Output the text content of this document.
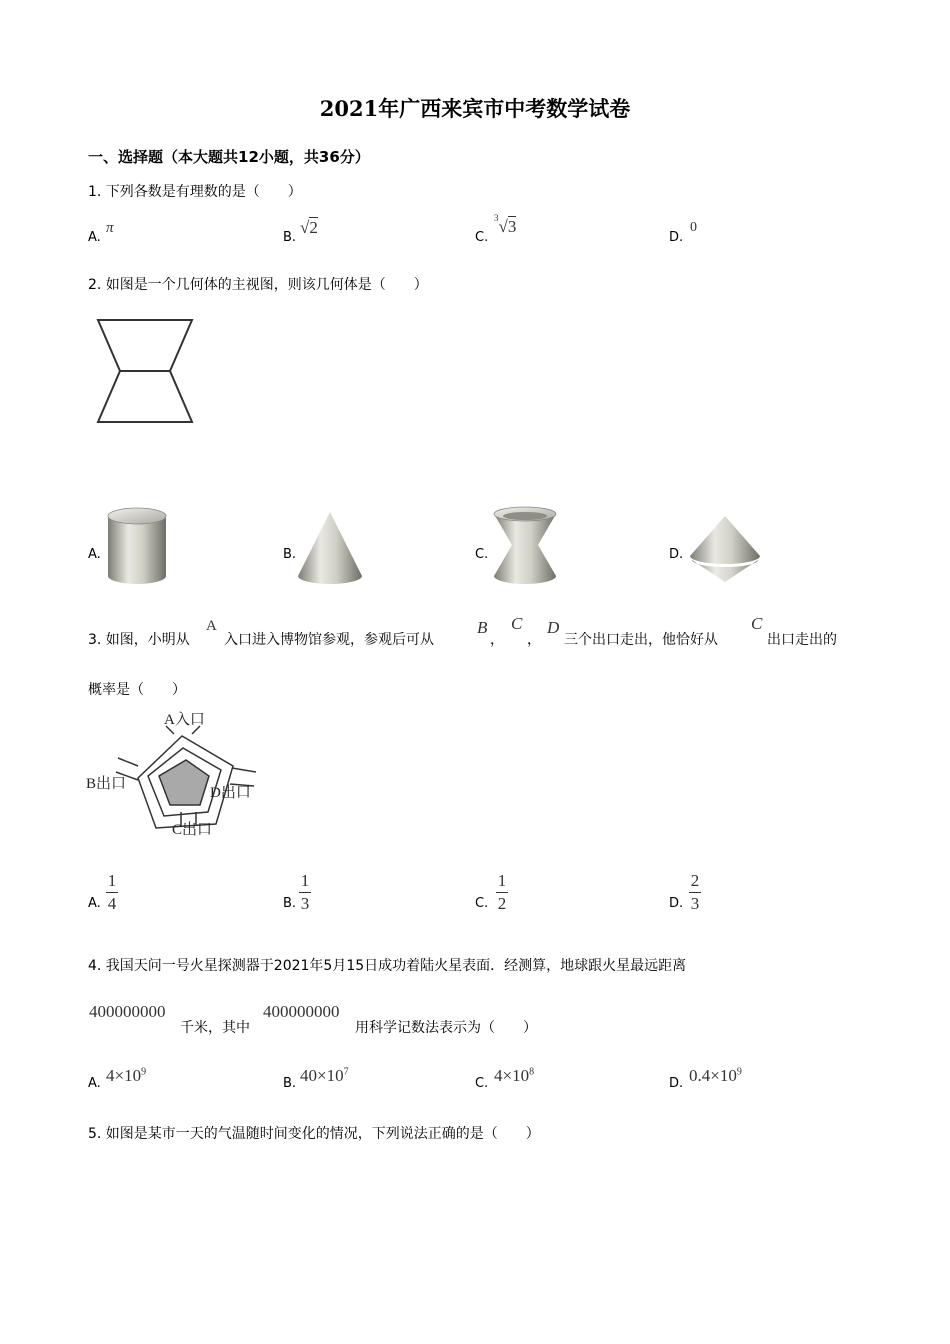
2021年广西来宾市中考数学试卷
一、选择题（本大题共12小题，共36分）
1. 下列各数是有理数的是（　　）
A.
π
B.
√2
C.
$^3$√3
D.
0
2. 如图是一个几何体的主视图，则该几何体是（　　）
A.	B.	C.	D.
3. 如图，小明从
A
入口进入博物馆参观，参观后可从
B
，
C
，
D
三个出口走出，他恰好从
C
出口走出的
概率是（　　）
A入口
B出口
D出口
C出口
A.
1
4	B.
1
3	C.
1
2	D.
2
3
4. 我国天问一号火星探测器于2021年5月15日成功着陆火星表面．经测算，地球跟火星最远距离
400000000
千米，其中
400000000
用科学记数法表示为（　　）
A. $4\times 10^9$
B. $40\times 10^7$
C. $4\times 10^8$
D. $0.4\times 10^9$
5. 如图是某市一天的气温随时间变化的情况，下列说法正确的是（　　）
